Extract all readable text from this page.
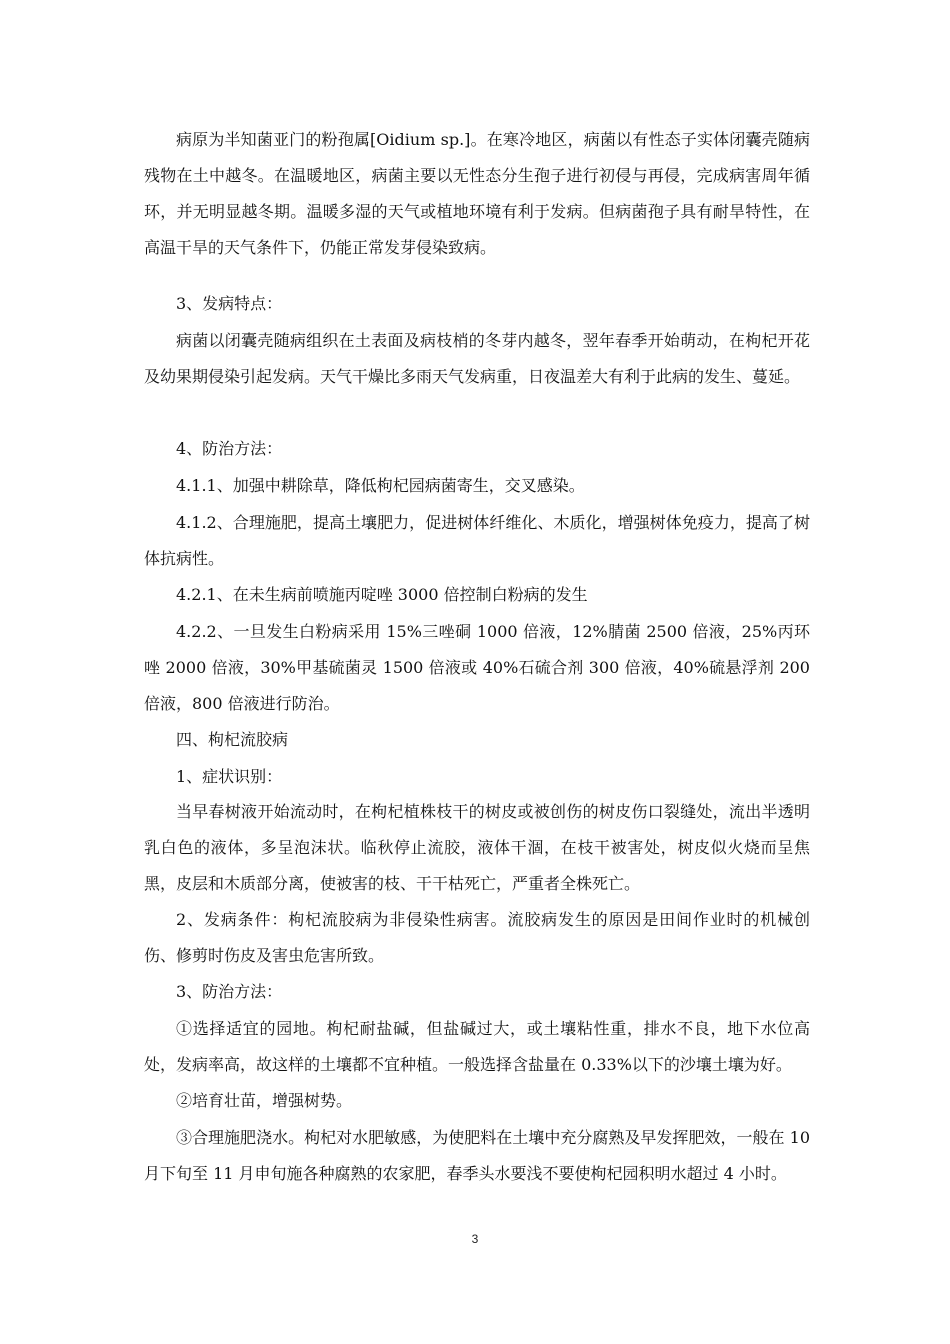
病原为半知菌亚门的粉孢属[Oidium sp.]。在寒冷地区，病菌以有性态子实体闭囊壳随病残物在土中越冬。在温暖地区，病菌主要以无性态分生孢子进行初侵与再侵，完成病害周年循环，并无明显越冬期。温暖多湿的天气或植地环境有利于发病。但病菌孢子具有耐旱特性，在高温干旱的天气条件下，仍能正常发芽侵染致病。

3、发病特点：

病菌以闭囊壳随病组织在土表面及病枝梢的冬芽内越冬，翌年春季开始萌动，在枸杞开花及幼果期侵染引起发病。天气干燥比多雨天气发病重，日夜温差大有利于此病的发生、蔓延。

4、防治方法：

4.1.1、加强中耕除草，降低枸杞园病菌寄生，交叉感染。

4.1.2、合理施肥，提高土壤肥力，促进树体纤维化、木质化，增强树体免疫力，提高了树体抗病性。

4.2.1、在未生病前喷施丙啶唑 3000 倍控制白粉病的发生

4.2.2、一旦发生白粉病采用 15%三唑硐 1000 倍液，12%腈菌 2500 倍液，25%丙环唑 2000 倍液，30%甲基硫菌灵 1500 倍液或 40%石硫合剂 300 倍液，40%硫悬浮剂 200 倍液，800 倍液进行防治。

四、枸杞流胶病

1、症状识别：

当早春树液开始流动时，在枸杞植株枝干的树皮或被创伤的树皮伤口裂缝处，流出半透明乳白色的液体，多呈泡沫状。临秋停止流胶，液体干涸，在枝干被害处，树皮似火烧而呈焦黑，皮层和木质部分离，使被害的枝、干干枯死亡，严重者全株死亡。

2、发病条件：枸杞流胶病为非侵染性病害。流胶病发生的原因是田间作业时的机械创伤、修剪时伤皮及害虫危害所致。

3、防治方法：

①选择适宜的园地。枸杞耐盐碱，但盐碱过大，或土壤粘性重，排水不良，地下水位高处，发病率高，故这样的土壤都不宜种植。一般选择含盐量在 0.33%以下的沙壤土壤为好。

②培育壮苗，增强树势。

③合理施肥浇水。枸杞对水肥敏感，为使肥料在土壤中充分腐熟及早发挥肥效，一般在 10 月下旬至 11 月申旬施各种腐熟的农家肥，春季头水要浅不要使枸杞园积明水超过 4 小时。

3
